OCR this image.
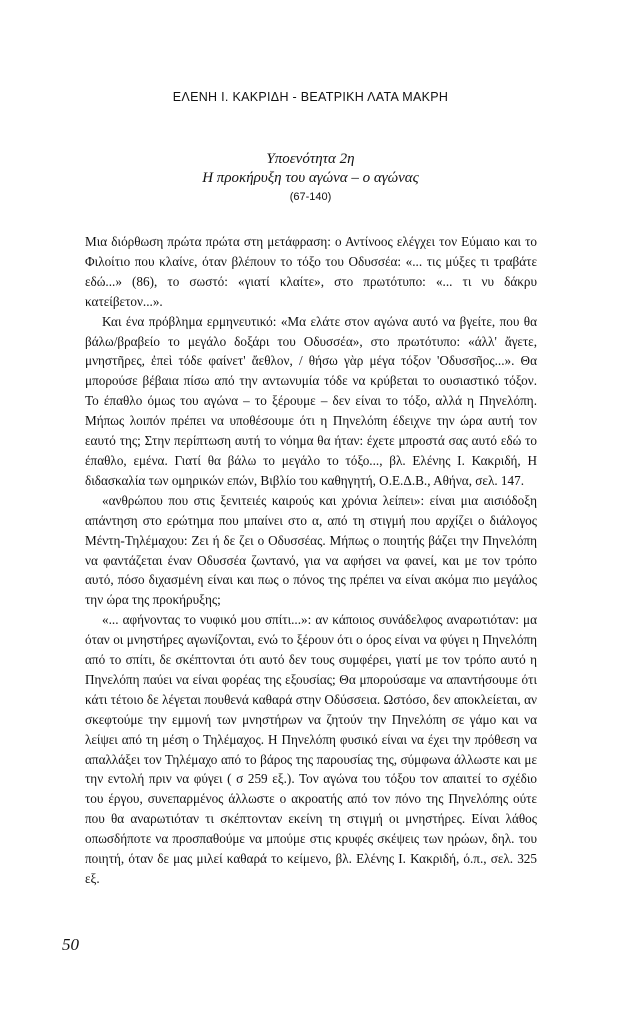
ΕΛΕΝΗ Ι. ΚΑΚΡΙΔΗ - ΒΕΑΤΡΙΚΗ ΛΑΤΑ ΜΑΚΡΗ
Υποενότητα 2η
Η προκήρυξη του αγώνα – ο αγώνας
(67-140)

Μια διόρθωση πρώτα πρώτα στη μετάφραση: ο Αντίνοος ελέγχει τον Εύμαιο και το Φιλοίτιο που κλαίνε, όταν βλέπουν το τόξο του Οδυσσέα: «... τις μύξες τι τραβάτε εδώ...» (86), το σωστό: «γιατί κλαίτε», στο πρωτότυπο: «... τι νυ δάκρυ κατείβετον...».

Και ένα πρόβλημα ερμηνευτικό: «Μα ελάτε στον αγώνα αυτό να βγείτε, που θα βάλω/βραβείο το μεγάλο δοξάρι του Οδυσσέα», στο πρωτότυπο: «άλλ' ἄγετε, μνηστῆρες, ἐπεὶ τόδε φαίνετ' ἄεθλον, / θήσω γὰρ μέγα τόξον 'Οδυσσῆος...». Θα μπορούσε βέβαια πίσω από την αντωνυμία τόδε να κρύβεται το ουσιαστικό τόξον. Το έπαθλο όμως του αγώνα – το ξέρουμε – δεν είναι το τόξο, αλλά η Πηνελόπη. Μήπως λοιπόν πρέπει να υποθέσουμε ότι η Πηνελόπη έδειχνε την ώρα αυτή τον εαυτό της; Στην περίπτωση αυτή το νόημα θα ήταν: έχετε μπροστά σας αυτό εδώ το έπαθλο, εμένα. Γιατί θα βάλω το μεγάλο το τόξο..., βλ. Ελένης Ι. Κακριδή, Η διδασκαλία των ομηρικών επών, Βιβλίο του καθηγητή, Ο.Ε.Δ.Β., Αθήνα, σελ. 147.

«ανθρώπου που στις ξενιτειές καιρούς και χρόνια λείπει»: είναι μια αισιόδοξη απάντηση στο ερώτημα που μπαίνει στο α, από τη στιγμή που αρχίζει ο διάλογος Μέντη-Τηλέμαχου: Ζει ή δε ζει ο Οδυσσέας. Μήπως ο ποιητής βάζει την Πηνελόπη να φαντάζεται έναν Οδυσσέα ζωντανό, για να αφήσει να φανεί, και με τον τρόπο αυτό, πόσο διχασμένη είναι και πως ο πόνος της πρέπει να είναι ακόμα πιο μεγάλος την ώρα της προκήρυξης;

«... αφήνοντας το νυφικό μου σπίτι...»: αν κάποιος συνάδελφος αναρωτιόταν: μα όταν οι μνηστήρες αγωνίζονται, ενώ το ξέρουν ότι ο όρος είναι να φύγει η Πηνελόπη από το σπίτι, δε σκέπτονται ότι αυτό δεν τους συμφέρει, γιατί με τον τρόπο αυτό η Πηνελόπη παύει να είναι φορέας της εξουσίας; Θα μπορούσαμε να απαντήσουμε ότι κάτι τέτοιο δε λέγεται πουθενά καθαρά στην Οδύσσεια. Ωστόσο, δεν αποκλείεται, αν σκεφτούμε την εμμονή των μνηστήρων να ζητούν την Πηνελόπη σε γάμο και να λείψει από τη μέση ο Τηλέμαχος. Η Πηνελόπη φυσικό είναι να έχει την πρόθεση να απαλλάξει τον Τηλέμαχο από το βάρος της παρουσίας της, σύμφωνα άλλωστε και με την εντολή πριν να φύγει ( σ 259 εξ.). Τον αγώνα του τόξου τον απαιτεί το σχέδιο του έργου, συνεπαρμένος άλλωστε ο ακροατής από τον πόνο της Πηνελόπης ούτε που θα αναρωτιόταν τι σκέπτονταν εκείνη τη στιγμή οι μνηστήρες. Είναι λάθος οπωσδήποτε να προσπαθούμε να μπούμε στις κρυφές σκέψεις των ηρώων, δηλ. του ποιητή, όταν δε μας μιλεί καθαρά το κείμενο, βλ. Ελένης Ι. Κακριδή, ό.π., σελ. 325 εξ.

50
